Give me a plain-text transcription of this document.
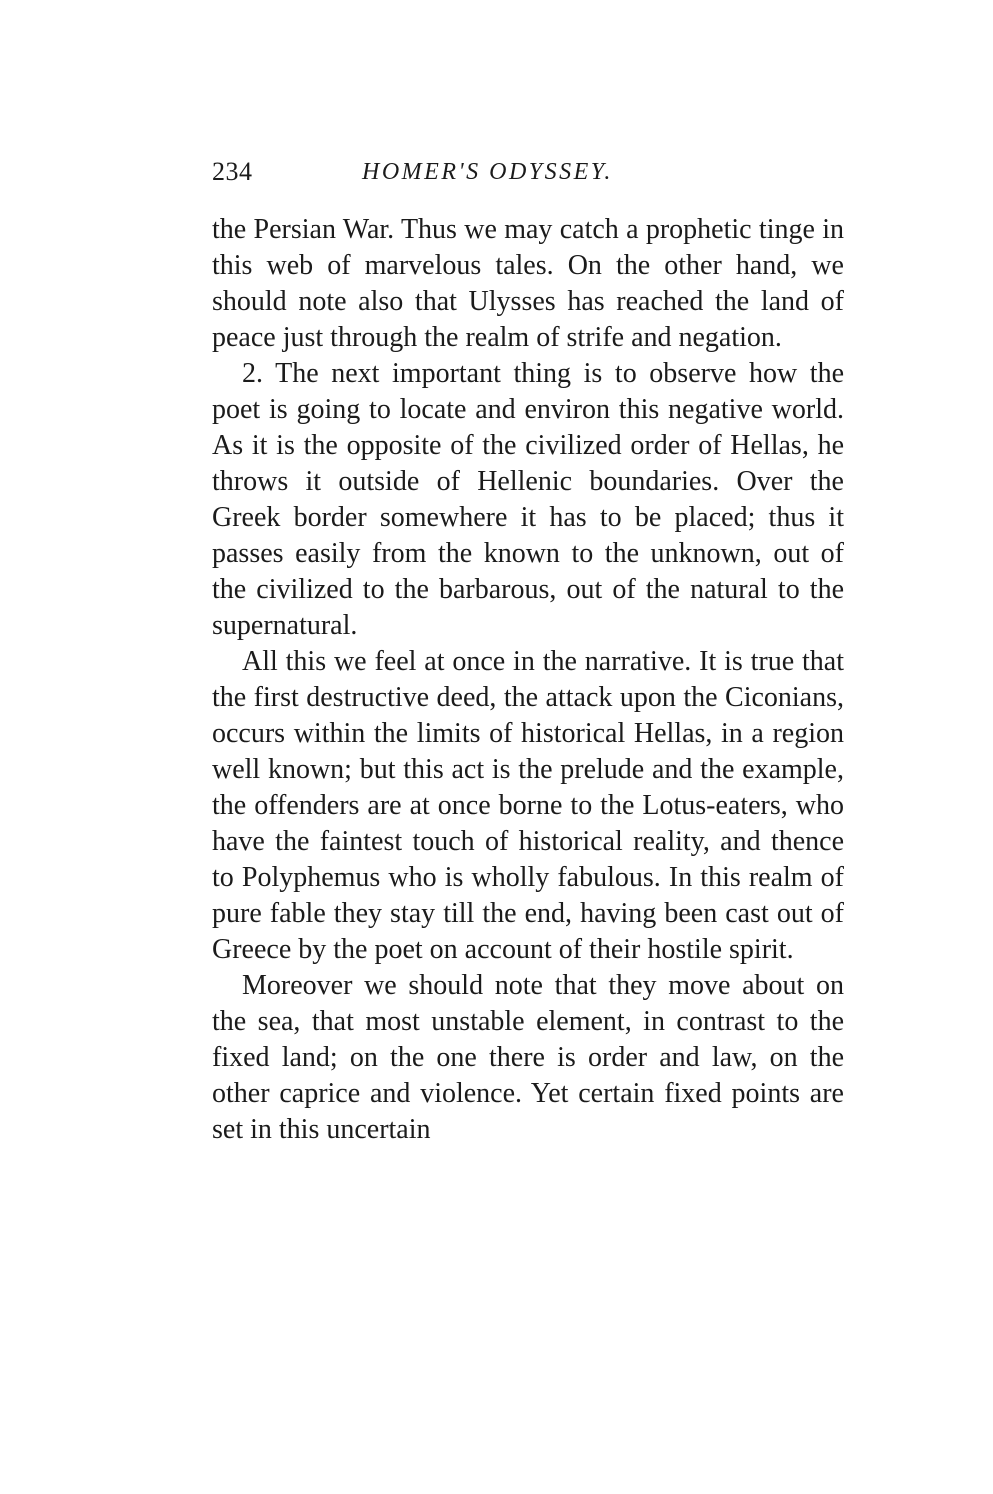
234	HOMER'S ODYSSEY.

the Persian War. Thus we may catch a prophetic tinge in this web of marvelous tales. On the other hand, we should note also that Ulysses has reached the land of peace just through the realm of strife and negation.

2. The next important thing is to observe how the poet is going to locate and environ this negative world. As it is the opposite of the civilized order of Hellas, he throws it outside of Hellenic boundaries. Over the Greek border somewhere it has to be placed; thus it passes easily from the known to the unknown, out of the civilized to the barbarous, out of the natural to the supernatural.

All this we feel at once in the narrative. It is true that the first destructive deed, the attack upon the Ciconians, occurs within the limits of historical Hellas, in a region well known; but this act is the prelude and the example, the offenders are at once borne to the Lotus-eaters, who have the faintest touch of historical reality, and thence to Polyphemus who is wholly fabulous. In this realm of pure fable they stay till the end, having been cast out of Greece by the poet on account of their hostile spirit.

Moreover we should note that they move about on the sea, that most unstable element, in contrast to the fixed land; on the one there is order and law, on the other caprice and violence. Yet certain fixed points are set in this uncertain
